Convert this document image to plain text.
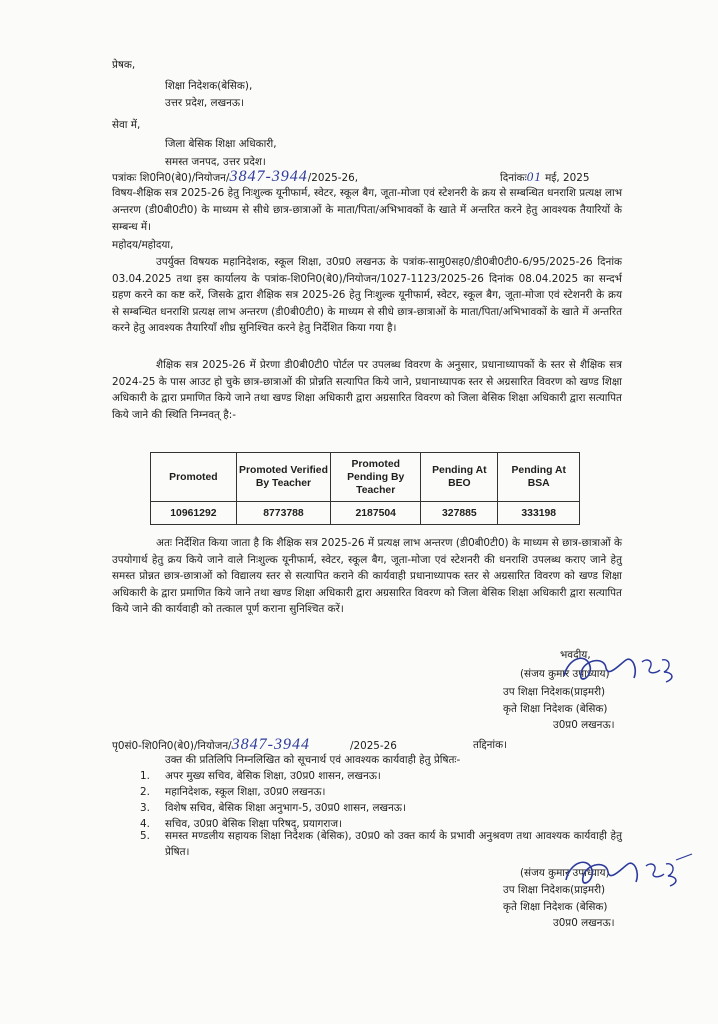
प्रेषक,
शिक्षा निदेशक(बेसिक),
उत्तर प्रदेश, लखनऊ।
सेवा में,
जिला बेसिक शिक्षा अधिकारी,
समस्त जनपद, उत्तर प्रदेश।
पत्रांकः शि0नि0(बे0)/नियोजन/3847-3944/2025-26,	दिनांकः01 मई, 2025
विषय-शैक्षिक सत्र 2025-26 हेतु निःशुल्क यूनीफार्म, स्वेटर, स्कूल बैग, जूता-मोजा एवं स्टेशनरी के क्रय से सम्बन्धित धनराशि प्रत्यक्ष लाभ अन्तरण (डी0बी0टी0) के माध्यम से सीधे छात्र-छात्राओं के माता/पिता/अभिभावकों के खाते में अन्तरित करने हेतु आवश्यक तैयारियों के सम्बन्ध में।
महोदय/महोदया,
उपर्युक्त विषयक महानिदेशक, स्कूल शिक्षा, उ0प्र0 लखनऊ के पत्रांक-सामु0सह0/डी0बी0टी0-6/95/2025-26 दिनांक 03.04.2025 तथा इस कार्यालय के पत्रांक-शि0नि0(बे0)/नियोजन/1027-1123/2025-26 दिनांक 08.04.2025 का सन्दर्भ ग्रहण करने का कष्ट करें, जिसके द्वारा शैक्षिक सत्र 2025-26 हेतु निःशुल्क यूनीफार्म, स्वेटर, स्कूल बैग, जूता-मोजा एवं स्टेशनरी के क्रय से सम्बन्धित धनराशि प्रत्यक्ष लाभ अन्तरण (डी0बी0टी0) के माध्यम से सीधे छात्र-छात्राओं के माता/पिता/अभिभावकों के खाते में अन्तरित करने हेतु आवश्यक तैयारियाँ शीघ्र सुनिश्चित करने हेतु निर्देशित किया गया है।
शैक्षिक सत्र 2025-26 में प्रेरणा डी0बी0टी0 पोर्टल पर उपलब्ध विवरण के अनुसार, प्रधानाध्यापकों के स्तर से शैक्षिक सत्र 2024-25 के पास आउट हो चुके छात्र-छात्राओं की प्रोन्नति सत्यापित किये जाने, प्रधानाध्यापक स्तर से अग्रसारित विवरण को खण्ड शिक्षा अधिकारी के द्वारा प्रमाणित किये जाने तथा खण्ड शिक्षा अधिकारी द्वारा अग्रसारित विवरण को जिला बेसिक शिक्षा अधिकारी द्वारा सत्यापित किये जाने की स्थिति निम्नवत् है:-
Promoted	Promoted Verified By Teacher	Promoted Pending By Teacher	Pending At BEO	Pending At BSA
10961292	8773788	2187504	327885	333198
अतः निर्देशित किया जाता है कि शैक्षिक सत्र 2025-26 में प्रत्यक्ष लाभ अन्तरण (डी0बी0टी0) के माध्यम से छात्र-छात्राओं के उपयोगार्थ हेतु क्रय किये जाने वाले निःशुल्क यूनीफार्म, स्वेटर, स्कूल बैग, जूता-मोजा एवं स्टेशनरी की धनराशि उपलब्ध कराए जाने हेतु समस्त प्रोन्नत छात्र-छात्राओं को विद्यालय स्तर से सत्यापित कराने की कार्यवाही प्रधानाध्यापक स्तर से अग्रसारित विवरण को खण्ड शिक्षा अधिकारी के द्वारा प्रमाणित किये जाने तथा खण्ड शिक्षा अधिकारी द्वारा अग्रसारित विवरण को जिला बेसिक शिक्षा अधिकारी द्वारा सत्यापित किये जाने की कार्यवाही को तत्काल पूर्ण कराना सुनिश्चित करें।
भवदीय,
(संजय कुमार उपाध्याय)
उप शिक्षा निदेशक(प्राइमरी)
कृते शिक्षा निदेशक (बेसिक)
उ0प्र0 लखनऊ।
पृ0सं0-शि0नि0(बे0)/नियोजन/3847-3944	/2025-26	तद्दिनांक।
उक्त की प्रतिलिपि निम्नलिखित को सूचनार्थ एवं आवश्यक कार्यवाही हेतु प्रेषितः-
1. अपर मुख्य सचिव, बेसिक शिक्षा, उ0प्र0 शासन, लखनऊ।
2. महानिदेशक, स्कूल शिक्षा, उ0प्र0 लखनऊ।
3. विशेष सचिव, बेसिक शिक्षा अनुभाग-5, उ0प्र0 शासन, लखनऊ।
4. सचिव, उ0प्र0 बेसिक शिक्षा परिषद्, प्रयागराज।
5. समस्त मण्डलीय सहायक शिक्षा निदेशक (बेसिक), उ0प्र0 को उक्त कार्य के प्रभावी अनुश्रवण तथा आवश्यक कार्यवाही हेतु प्रेषित।
(संजय कुमार उपाध्याय)
उप शिक्षा निदेशक(प्राइमरी)
कृते शिक्षा निदेशक (बेसिक)
उ0प्र0 लखनऊ।
